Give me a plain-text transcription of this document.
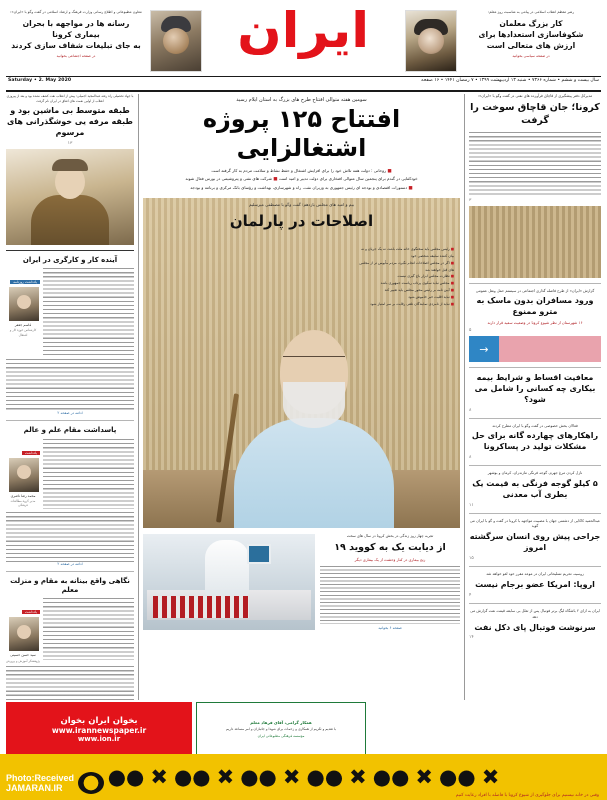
رهبر معظم انقلاب اسلامی در پیامی به مناسبت روز معلم:
کار بزرگ معلمان
شکوفاسازی استعدادها برای
ارزش های متعالی است
در صفحه سیاسی بخوانید
ایران
معاون مطبوعاتی و اطلاع رسانی وزارت فرهنگ و ارشاد اسلامی در گفت وگو با «ایران»:
رسانه ها در مواجهه با بحران بیماری کرونا
به جای تبلیغات شفاف سازی کردند
در صفحه اجتماعی بخوانید
سال بیست و ششم • شماره ۷۳۶۶ • شنبه ۱۳ اردیبهشت ۱۳۹۹ • ۷ رمضان ۱۴۴۱ • ۱۶ صفحه
Saturday • 2. May 2020
مدیرکل دفتر پیشگیری از قاچاق فرآورده های نفتی در گفت وگو با «ایران»:
کرونا؛ جان قاچاق سوخت را گرفت
۳
گزارش «ایران» از طرح فاصله گذاری اجتماعی در سیستم حمل ونقل عمومی
ورود مسافران بدون ماسک به مترو ممنوع
۱۶ شهرستان از نظر شیوع کرونا در وضعیت سفید قرار دارند
۵
→
معافیت اقساط و شرایط بیمه بیکاری چه کسانی را شامل می شود؟
۸
فعالان بخش خصوصی در گفت وگو با ایران مطرح کردند
راهکارهای چهارده گانه برای حل مشکلات تولید در پساکرونا
۸
نازل کردن مرغ جهرم، گوجه فرنگی مازندران، کرمان و بوشهر
۵ کیلو گوجه فرنگی به قیمت یک بطری آب معدنی
۱۱
عبدالحمید کاکایی از دشمنی جهان با مصیبت مواجهه با کرونا در گفت و گو با ایران می گوید
جراحی پیش روی انسان سرگشته امروز
۱۵
روسیه، تحریم تسلیحاتی ایران در موعد مقرر خود لغو خواهد شد
اروپا: امریکا عضو برجام نیست
۴
ایران به ازای ۲ باشگاه لیگ برتر فوتبال پس از تعلل بی سابقه قیمت نفت گزارش می دهد
سرنوشت فوتبال پای دکل نفت
۱۴
سومین هفته متوالی افتتاح طرح های بزرگ به استان ایلام رسید
افتتاح ۱۲۵ پروژه اشتغالزایی
■ روحانی : دولت همه تلاش خود را برای افزایش اشتغال و حفظ نشاط و سلامت مردم به کار گرفته است
خودکفایی در گندم برای پنجمین سال متوالی افتخاری برای دولت تدبیر و امید است ■ شرکت های نفتی و پتروشیمی در بورس فعال شوند
■ دستورات اقتصادی و بودجه ای رئیس جمهوری به وزیران نفت، راه و شهرسازی، بهداشت و رؤسای بانک مرکزی و برنامه و بودجه
بیم و امید های مجلس یازدهم؛ گفت وگو با مصطفی میرسلیم
اصلاحات در پارلمان
■ رئیس مجلس باید سخنگوی خانه ملت باشد، نه یک جریان و نه بیان کننده سلیقه شخصی خود
■ اگر در مجلس اصلاحات انجام نگیرد، مردم مأیوس تر از مجلس های قبل خواهند شد
■ نظارت مجلس ابزار باج گیری نیست
■ مجلس نباید سکوی پرتاب ریاست جمهوری باشد
■ آیین نامه بر رئیس محور مجلس باید تغییر کند
■ نباید اقلیت خبر خاموش شود
■ نباید از نامزدی نمایندگان تلقی رقابت بر سر امتیاز شود
تجربه چهار روز زندگی در بخش کرونا در سال های سخت
از دیابت یک به کووید ۱۹
رنج بیماری در کنار وحشت از یک بیماری دیگر
صفحه ۶ بخوانید
با جهاد تحصیلی راه رفته عبدالمجید اجمیلی: پیش از انقلاب نفت کشف نشده بود و بعد از پیروزی انقلاب از اولین نعمت های اتفاق در ایران نام گرفت
طبقه متوسط بی ماشین بود و طبقه مرفه یی خوشگذرانی های مرسوم
۱۳
آینده کار و کارگری در ایران
یادداشت روزنامه
قاسم جعفر
کارشناس حوزه کار و اشتغال
ادامه در صفحه ۲
پاسداشت مقام علم و عالم
یادداشت
محمد رضا ناصری
مدیر گروه مطالعات فرهنگی
ادامه در صفحه ۲
نگاهی واقع بینانه به مقام و منزلت معلم
یادداشت
سید حسن حسینی
پژوهشگر آموزش و پرورش
همکار گرامی، آقای فرهاد معلم
با تقدیم و تکریم از همکاری و زحمات برای شهدا و جانبازان و امر مساعد داریم
مؤسسه فرهنگی مطبوعاتی ایران
بخوان ایران بخوان
www.irannewspaper.ir
www.ion.ir
✖
●●
✖
●●
✖
●●
✖
●●
✖
●●
✖
●●
وقتی در خانه نیستیم برای جلوگیری از شیوع کرونا با فاصله با افراد رعایت کنیم
★
Photo:Received
JAMARAN.IR
